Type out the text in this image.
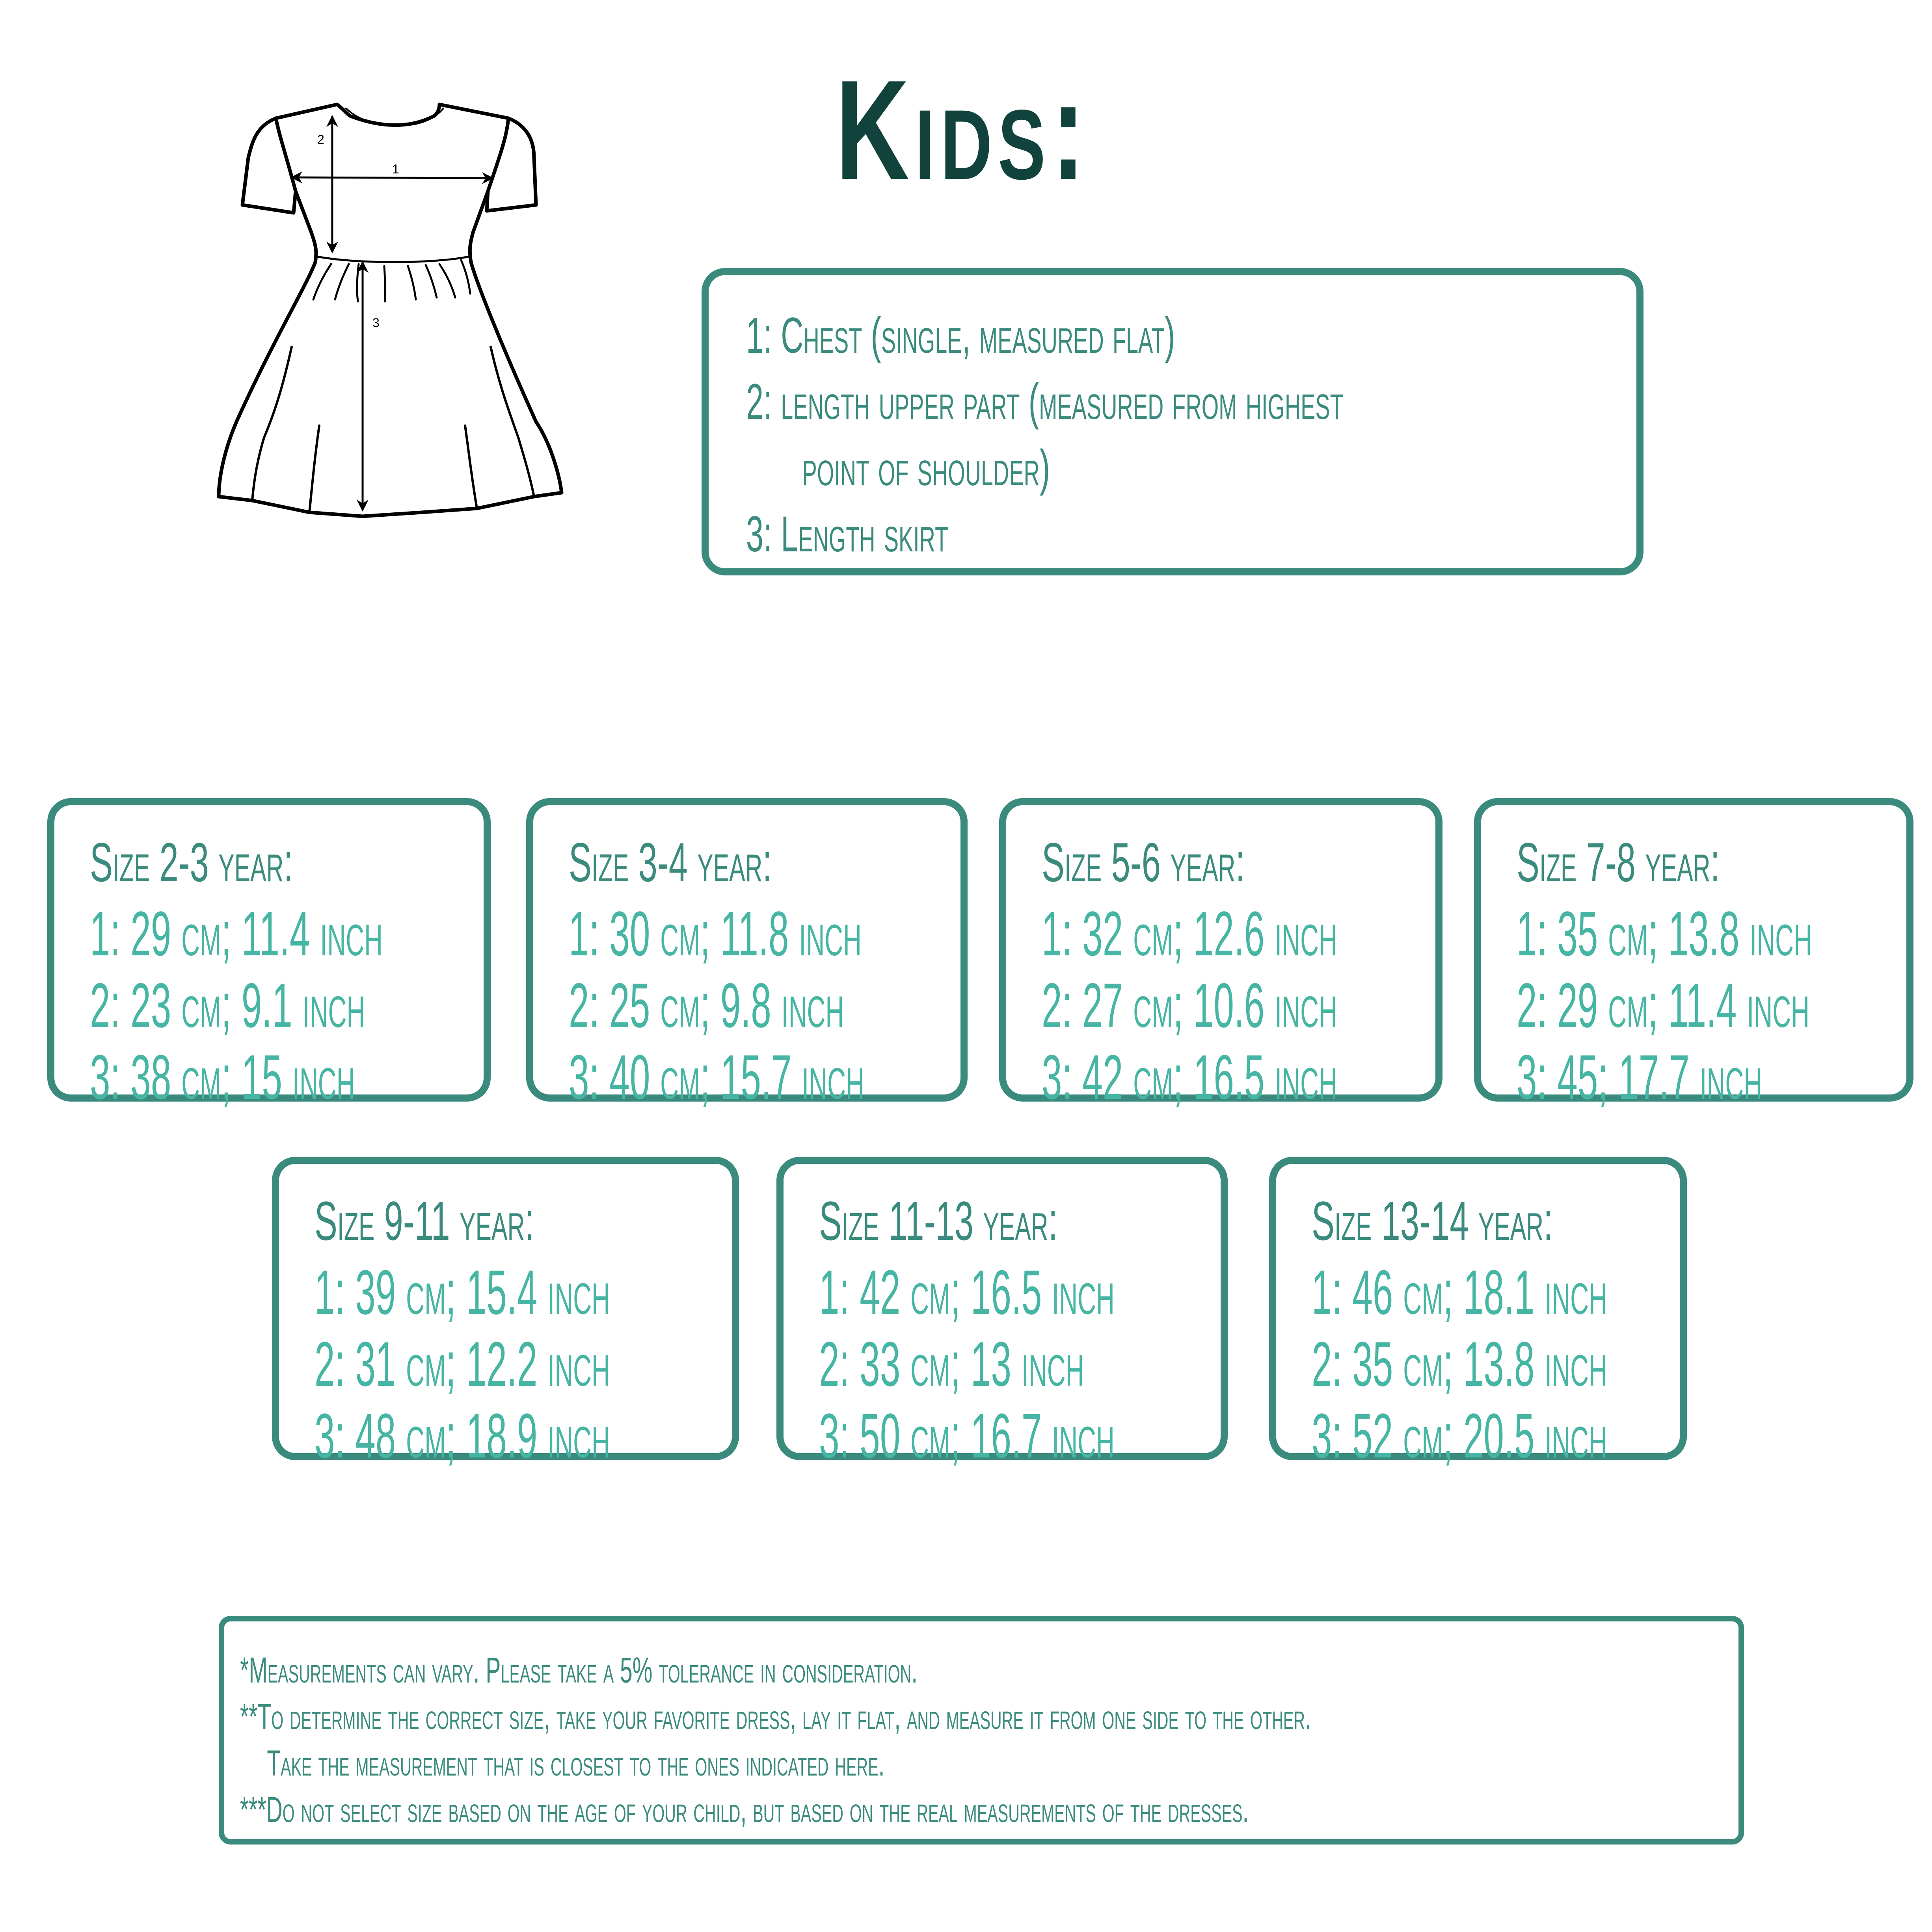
Kids:
1
2
3	1: Chest (single, measured flat)
2: length upper part (measured from highest
point of shoulder)
3: Length skirt
Size 2-3 year:
1: 29 cm; 11.4 inch
2: 23 cm; 9.1 inch
3: 38 cm; 15 inch
Size 3-4 year:
1: 30 cm; 11.8 inch
2: 25 cm; 9.8 inch
3: 40 cm; 15.7 inch
Size 5-6 year:
1: 32 cm; 12.6 inch
2: 27 cm; 10.6 inch
3: 42 cm; 16.5 inch
Size 7-8 year:
1: 35 cm; 13.8 inch
2: 29 cm; 11.4 inch
3: 45; 17.7 inch
Size 9-11 year:
1: 39 cm; 15.4 inch
2: 31 cm; 12.2 inch
3: 48 cm; 18.9 inch
Size 11-13 year:
1: 42 cm; 16.5 inch
2: 33 cm; 13 inch
3: 50 cm; 16.7 inch
Size 13-14 year:
1: 46 cm; 18.1 inch
2: 35 cm; 13.8 inch
3: 52 cm; 20.5 inch
*Measurements can vary. Please take a 5% tolerance in consideration.
**To determine the correct size, take your favorite dress, lay it flat, and measure it from one side to the other.
Take the measurement that is closest to the ones indicated here.
***Do not select size based on the age of your child, but based on the real measurements of the dresses.
